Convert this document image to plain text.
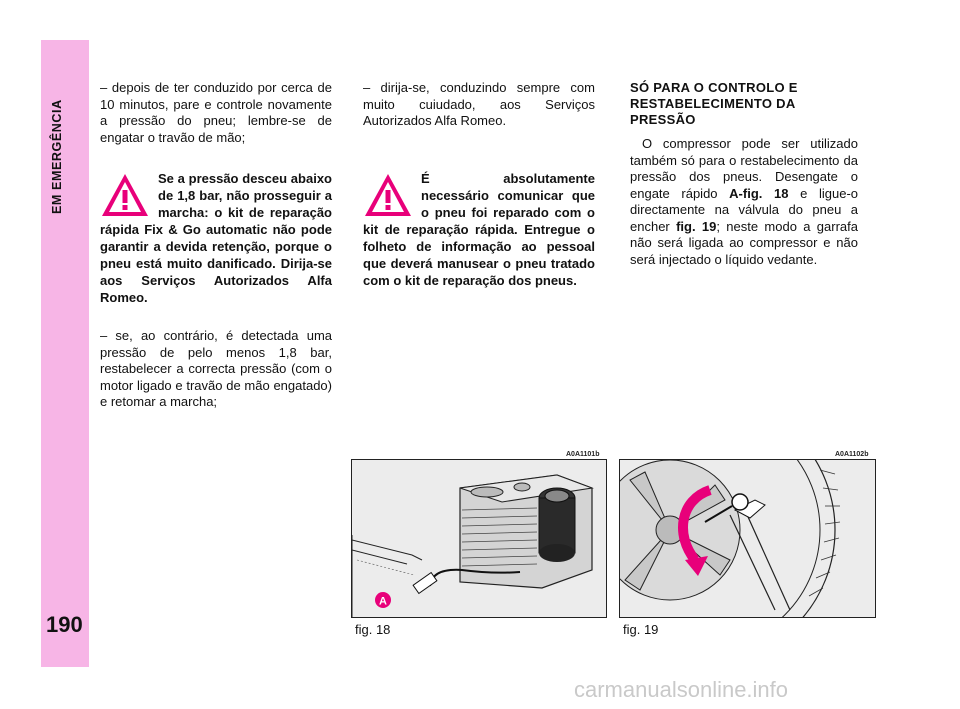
190

– depois de ter conduzido por cerca de 10 minutos, pare e controle novamente a pressão do pneu; lembre-se de engatar o travão de mão;

Se a pressão desceu abaixo de 1,8 bar, não prosseguir a marcha: o kit de reparação rápida Fix & Go automatic não pode garantir a devida retenção, porque o pneu está muito danificado. Dirija-se aos Serviços Autorizados Alfa Romeo.

– se, ao contrário, é detectada uma pressão de pelo menos 1,8 bar, restabelecer a correcta pressão (com o motor ligado e travão de mão engatado) e retomar a marcha;

– dirija-se, conduzindo sempre com muito cuiudado, aos Serviços Autorizados Alfa Romeo.

É absolutamente necessário comunicar que o pneu foi reparado com o kit de reparação rápida. Entregue o folheto de informação ao pessoal que deverá manusear o pneu tratado com o kit de reparação dos pneus.

SÓ PARA O CONTROLO E RESTABELECIMENTO DA PRESSÃO

O compressor pode ser utilizado também só para o restabelecimento da pressão dos pneus. Desengate o engate rápido A-fig. 18 e ligue-o directamente na válvula do pneu a encher fig. 19; neste modo a garrafa não será ligada ao compressor e não será injectado o líquido vedante.

A0A1101b
A
fig. 18
A0A1102b
fig. 19
carmanualsonline.info
